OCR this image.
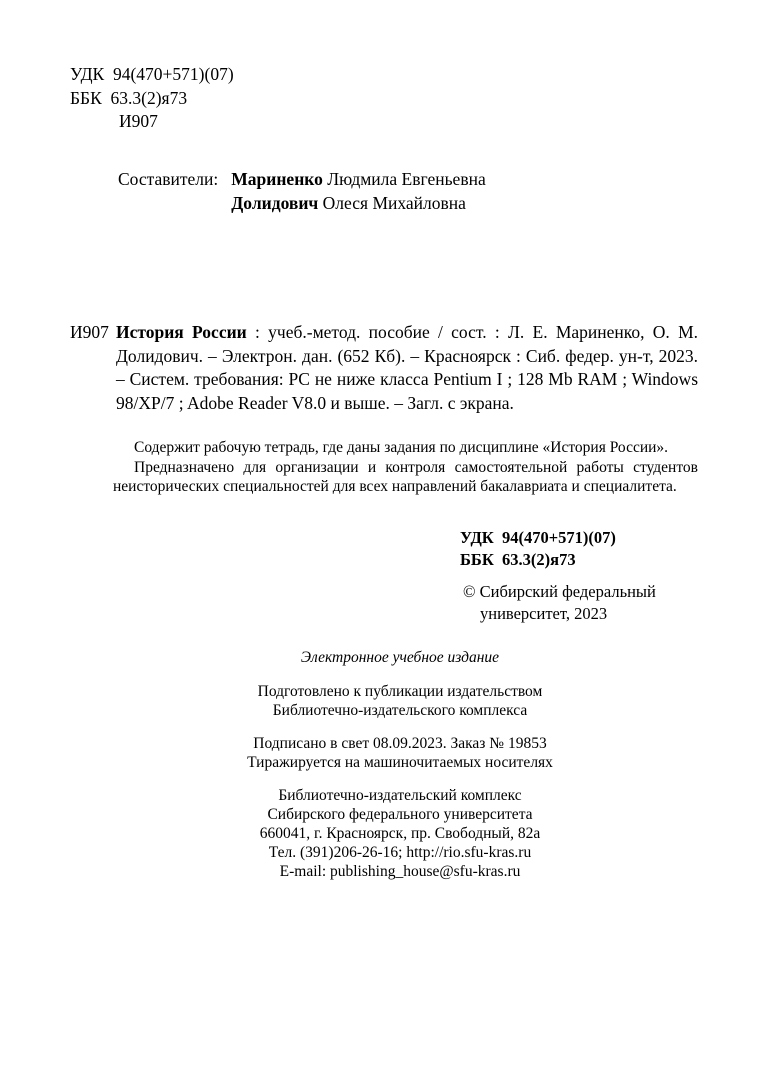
УДК  94(470+571)(07)
ББК  63.3(2)я73
И907
Составители: Мариненко Людмила Евгеньевна
Долидович Олеся Михайловна
И907 История России : учеб.-метод. пособие / сост. : Л. Е. Мариненко, О. М. Долидович. – Электрон. дан. (652 Кб). – Красноярск : Сиб. федер. ун-т, 2023. – Систем. требования: PC не ниже класса Pentium I ; 128 Mb RAM ; Windows 98/XP/7 ; Adobe Reader V8.0 и выше. – Загл. с экрана.

Содержит рабочую тетрадь, где даны задания по дисциплине «История России».

Предназначено для организации и контроля самостоятельной работы студентов неисторических специальностей для всех направлений бакалавриата и специалитета.

УДК  94(470+571)(07)
ББК  63.3(2)я73
© Сибирский федеральный
университет, 2023
Электронное учебное издание
Подготовлено к публикации издательством
Библиотечно-издательского комплекса
Подписано в свет 08.09.2023. Заказ № 19853
Тиражируется на машиночитаемых носителях
Библиотечно-издательский комплекс
Сибирского федерального университета
660041, г. Красноярск, пр. Свободный, 82а
Тел. (391)206-26-16; http://rio.sfu-kras.ru
E-mail: publishing_house@sfu-kras.ru
